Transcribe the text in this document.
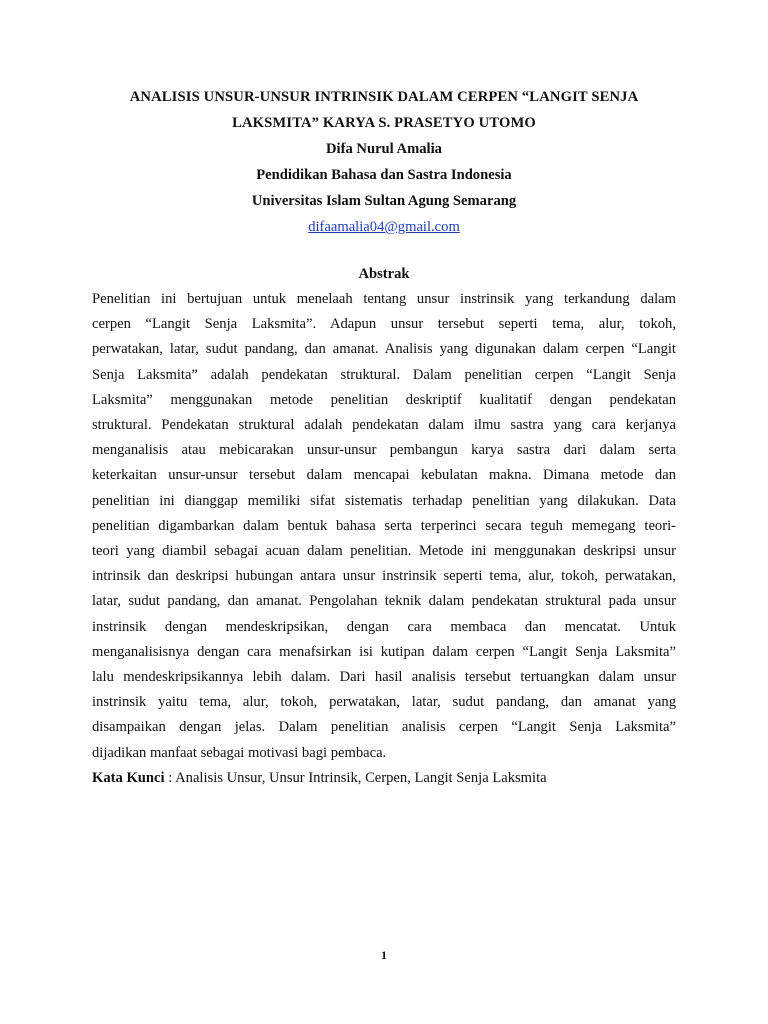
ANALISIS UNSUR-UNSUR INTRINSIK DALAM CERPEN “LANGIT SENJA
LAKSMITA” KARYA S. PRASETYO UTOMO
Difa Nurul Amalia
Pendidikan Bahasa dan Sastra Indonesia
Universitas Islam Sultan Agung Semarang
difaamalia04@gmail.com
Abstrak
Penelitian ini bertujuan untuk menelaah tentang unsur instrinsik yang terkandung dalam
cerpen “Langit Senja Laksmita”. Adapun unsur tersebut seperti tema, alur, tokoh,
perwatakan, latar, sudut pandang, dan amanat. Analisis yang digunakan dalam cerpen “Langit
Senja Laksmita” adalah pendekatan struktural. Dalam penelitian cerpen “Langit Senja
Laksmita” menggunakan metode penelitian deskriptif kualitatif dengan pendekatan
struktural. Pendekatan struktural adalah pendekatan dalam ilmu sastra yang cara kerjanya
menganalisis atau mebicarakan unsur-unsur pembangun karya sastra dari dalam serta
keterkaitan unsur-unsur tersebut dalam mencapai kebulatan makna. Dimana metode dan
penelitian ini dianggap memiliki sifat sistematis terhadap penelitian yang dilakukan. Data
penelitian digambarkan dalam bentuk bahasa serta terperinci secara teguh memegang teori-
teori yang diambil sebagai acuan dalam penelitian. Metode ini menggunakan deskripsi unsur
intrinsik dan deskripsi hubungan antara unsur instrinsik seperti tema, alur, tokoh, perwatakan,
latar, sudut pandang, dan amanat. Pengolahan teknik dalam pendekatan struktural pada unsur
instrinsik dengan mendeskripsikan, dengan cara membaca dan mencatat. Untuk
menganalisisnya dengan cara menafsirkan isi kutipan dalam cerpen “Langit Senja Laksmita”
lalu mendeskripsikannya lebih dalam. Dari hasil analisis tersebut tertuangkan dalam unsur
instrinsik yaitu tema, alur, tokoh, perwatakan, latar, sudut pandang, dan amanat yang
disampaikan dengan jelas. Dalam penelitian analisis cerpen “Langit Senja Laksmita”
dijadikan manfaat sebagai motivasi bagi pembaca.
Kata Kunci : Analisis Unsur, Unsur Intrinsik, Cerpen, Langit Senja Laksmita
1
